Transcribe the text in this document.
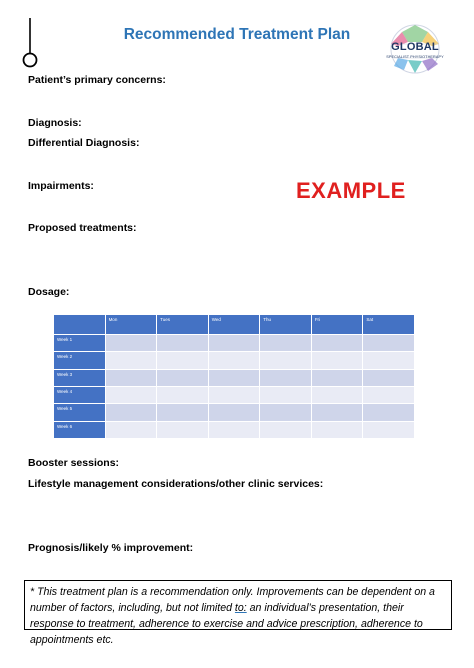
Recommended Treatment Plan
GLOBAL
SPECIALIST PHYSIOTHERAPY
Patient’s primary concerns:
Diagnosis:
Differential Diagnosis:
Impairments:	EXAMPLE
Proposed treatments:
Dosage:
	Mon	Tues	Wed	Thu	Fri	Sat
Week 1						
Week 2						
Week 3						
Week 4						
Week 5						
Week 6						
Booster sessions:
Lifestyle management considerations/other clinic services:
Prognosis/likely % improvement:
* This treatment plan is a recommendation only. Improvements can be dependent on a number of factors, including, but not limited to: an individual’s presentation, their response to treatment, adherence to exercise and advice prescription, adherence to appointments etc.
